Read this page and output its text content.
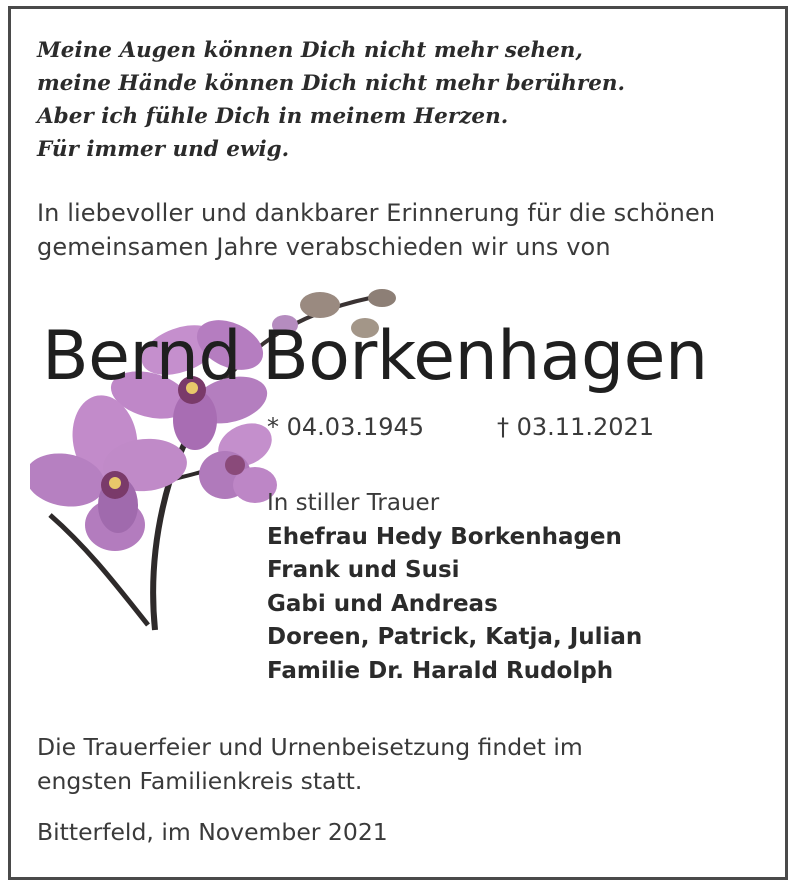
Meine Augen können Dich nicht mehr sehen,
meine Hände können Dich nicht mehr berühren.
Aber ich fühle Dich in meinem Herzen.
Für immer und ewig.
In liebevoller und dankbarer Erinnerung für die schönen
gemeinsamen Jahre verabschieden wir uns von
Bernd Borkenhagen
* 04.03.1945	† 03.11.2021
In stiller Trauer
Ehefrau Hedy Borkenhagen
Frank und Susi
Gabi und Andreas
Doreen, Patrick, Katja, Julian
Familie Dr. Harald Rudolph
Die Trauerfeier und Urnenbeisetzung findet im
engsten Familienkreis statt.
Bitterfeld, im November 2021
